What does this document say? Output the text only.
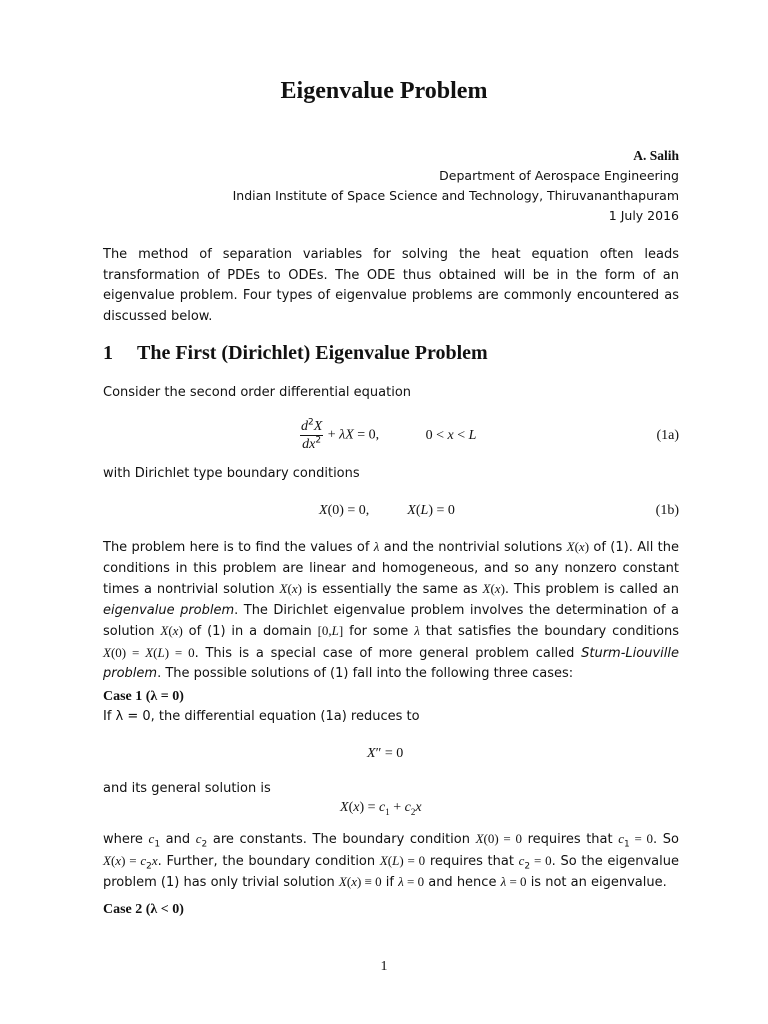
Eigenvalue Problem
A. Salih
Department of Aerospace Engineering
Indian Institute of Space Science and Technology, Thiruvananthapuram
1 July 2016
The method of separation variables for solving the heat equation often leads transformation of PDEs to ODEs. The ODE thus obtained will be in the form of an eigenvalue problem. Four types of eigenvalue problems are commonly encountered as discussed below.
1 The First (Dirichlet) Eigenvalue Problem
Consider the second order differential equation
$\frac{d^2X}{dx^2} + \lambda X = 0$,	0 < x < L	(1a)
with Dirichlet type boundary conditions
X(0) = 0,	X(L) = 0	(1b)
The problem here is to find the values of λ and the nontrivial solutions X(x) of (1). All the conditions in this problem are linear and homogeneous, and so any nonzero constant times a nontrivial solution X(x) is essentially the same as X(x). This problem is called an eigenvalue problem. The Dirichlet eigenvalue problem involves the determination of a solution X(x) of (1) in a domain [0,L] for some λ that satisfies the boundary conditions X(0) = X(L) = 0. This is a special case of more general problem called Sturm-Liouville problem. The possible solutions of (1) fall into the following three cases:
Case 1 (λ = 0)
If λ = 0, the differential equation (1a) reduces to
X″ = 0
and its general solution is
$X(x) = c_1 + c_2x$
where $c_1$ and $c_2$ are constants. The boundary condition X(0) = 0 requires that $c_1 = 0$. So $X(x) = c_2x$. Further, the boundary condition X(L) = 0 requires that $c_2 = 0$. So the eigenvalue problem (1) has only trivial solution X(x) ≡ 0 if λ = 0 and hence λ = 0 is not an eigenvalue.
Case 2 (λ < 0)
1
